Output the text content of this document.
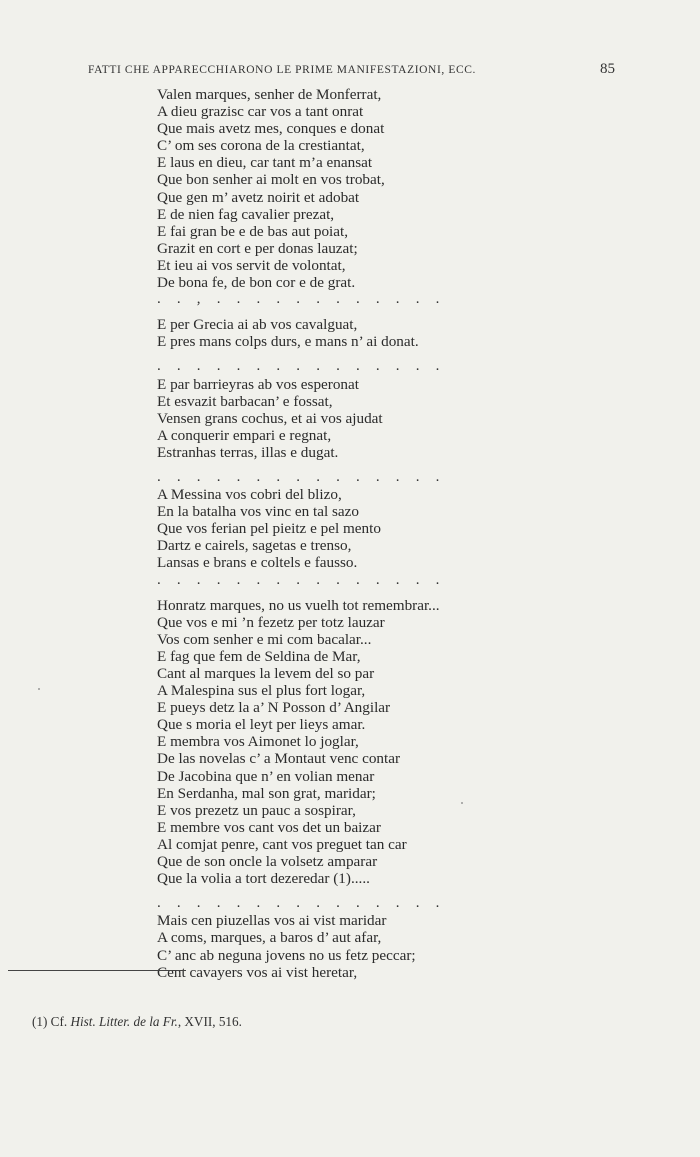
FATTI CHE APPARECCHIARONO LE PRIME MANIFESTAZIONI, ECC.	85
Valen marques, senher de Monferrat,
A dieu grazisc car vos a tant onrat
Que mais avetz mes, conques e donat
C’ om ses corona de la crestiantat,
E laus en dieu, car tant m’a enansat
Que bon senher ai molt en vos trobat,
Que gen m’ avetz noirit et adobat
E de nien fag cavalier prezat,
E fai gran be e de bas aut poiat,
Grazit en cort e per donas lauzat;
Et ieu ai vos servit de volontat,
De bona fe, de bon cor e de grat.
. . , . . . . . . . . . . . .
E per Grecia ai ab vos cavalguat,
E pres mans colps durs, e mans n’ ai donat.
. . . . . . . . . . . . . . .
E par barrieyras ab vos esperonat
Et esvazit barbacan’ e fossat,
Vensen grans cochus, et ai vos ajudat
A conquerir empari e regnat,
Estranhas terras, illas e dugat.
. . . . . . . . . . . . . . .
A Messina vos cobri del blizo,
En la batalha vos vinc en tal sazo
Que vos ferian pel pieitz e pel mento
Dartz e cairels, sagetas e trenso,
Lansas e brans e coltels e fausso.
. . . . . . . . . . . . . . .
Honratz marques, no us vuelh tot remembrar...
Que vos e mi ’n fezetz per totz lauzar
Vos com senher e mi com bacalar...
E fag que fem de Seldina de Mar,
Cant al marques la levem del so par
A Malespina sus el plus fort logar,
E pueys detz la a’ N Posson d’ Angilar
Que s moria el leyt per lieys amar.
E membra vos Aimonet lo joglar,
De las novelas c’ a Montaut venc contar
De Jacobina que n’ en volian menar
En Serdanha, mal son grat, maridar;
E vos prezetz un pauc a sospirar,
E membre vos cant vos det un baizar
Al comjat penre, cant vos preguet tan car
Que de son oncle la volsetz amparar
Que la volia a tort dezeredar (1).....
. . . . . . . . . . . . . . .
Mais cen piuzellas vos ai vist maridar
A coms, marques, a baros d’ aut afar,
C’ anc ab neguna jovens no us fetz peccar;
Cent cavayers vos ai vist heretar,
(1) Cf. Hist. Litter. de la Fr., XVII, 516.
